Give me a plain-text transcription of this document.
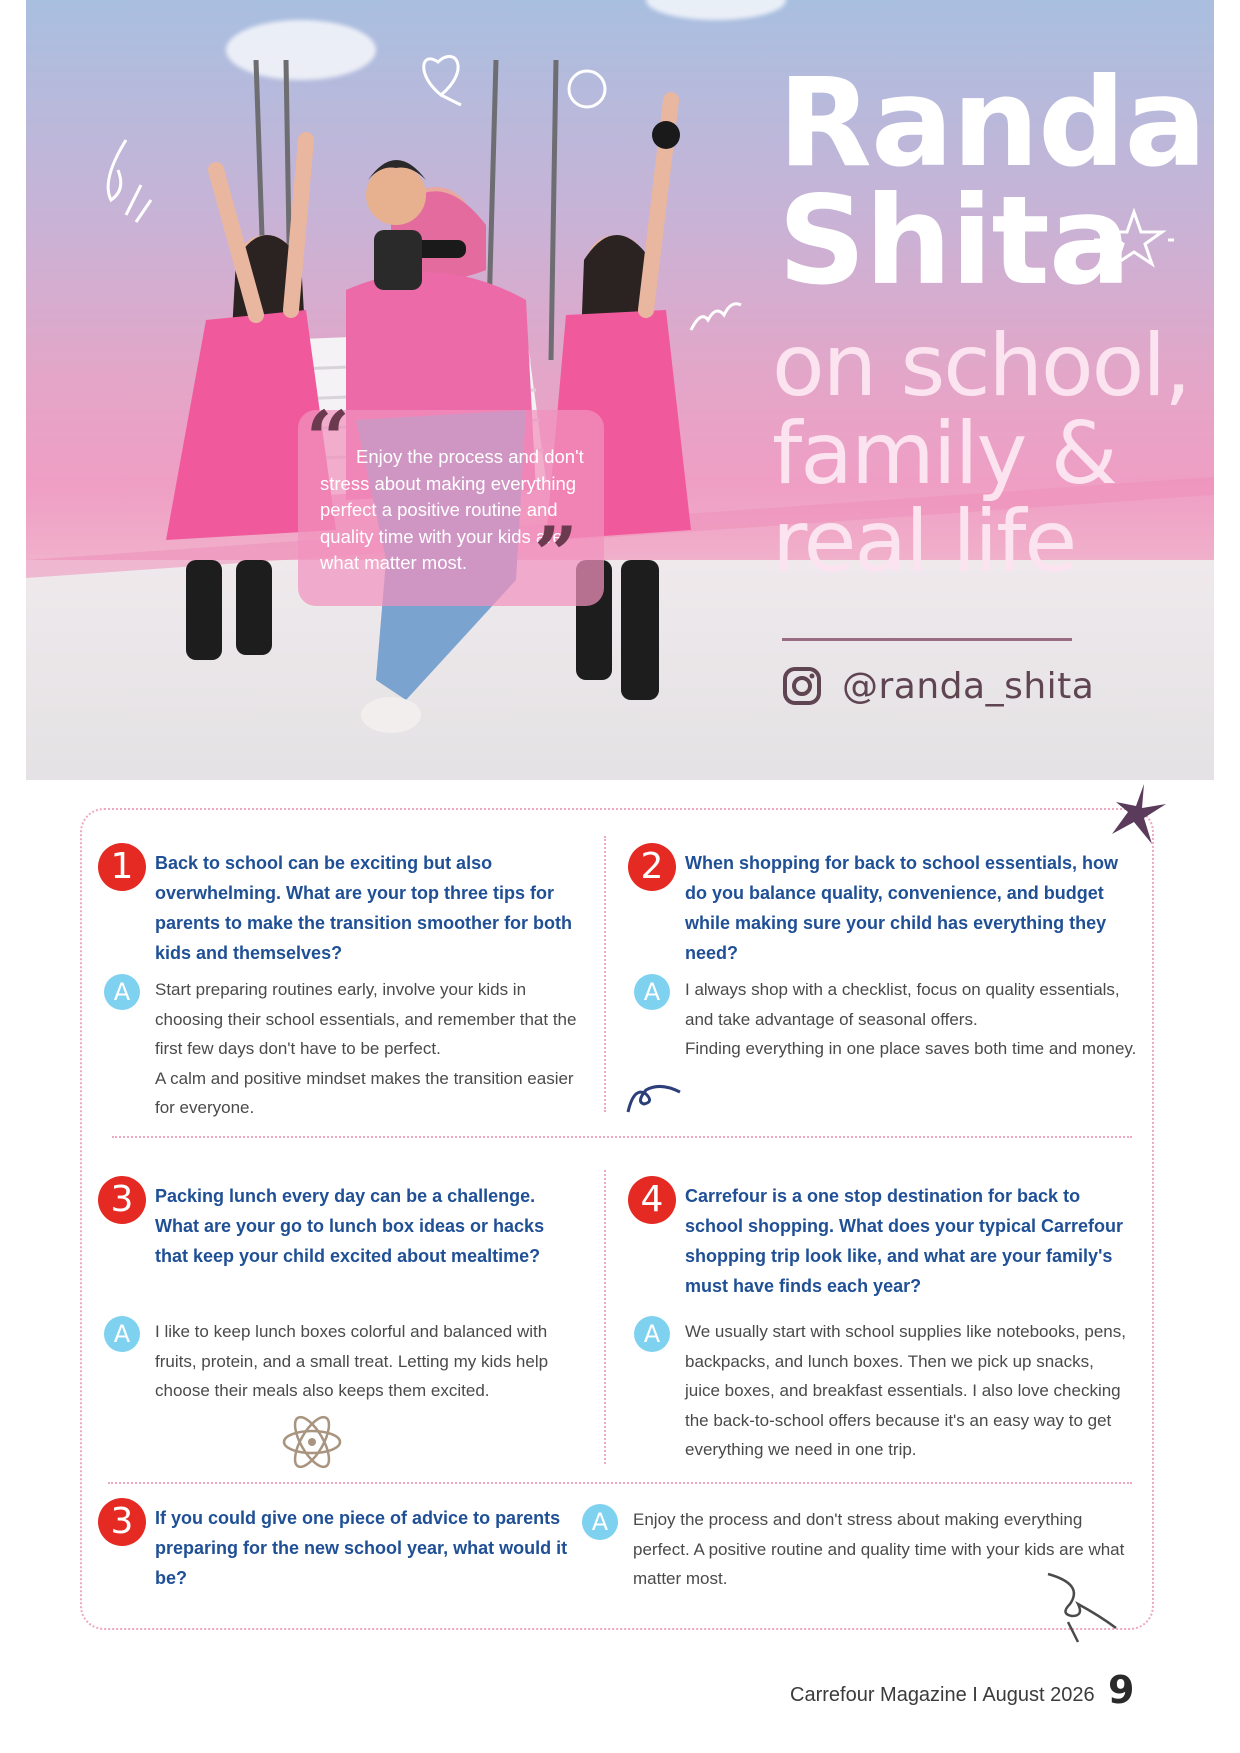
Randa
Shita
on school,
family &
real life
@randa_shita
“ Enjoy the process and don't
stress about making everything perfect a positive routine and quality time with your kids are what matter most. ”
1	Back to school can be exciting but also overwhelming. What are your top three tips for parents to make the transition smoother for both kids and themselves?
A	Start preparing routines early, involve your kids in choosing their school essentials, and remember that the first few days don't have to be perfect.
A calm and positive mindset makes the transition easier for everyone.
2	When shopping for back to school essentials, how do you balance quality, convenience, and budget while making sure your child has everything they need?
A	I always shop with a checklist, focus on quality essentials, and take advantage of seasonal offers.
Finding everything in one place saves both time and money.
3	Packing lunch every day can be a challenge. What are your go to lunch box ideas or hacks that keep your child excited about mealtime?
A	I like to keep lunch boxes colorful and balanced with fruits, protein, and a small treat. Letting my kids help choose their meals also keeps them excited.
4	Carrefour is a one stop destination for back to school shopping. What does your typical Carrefour shopping trip look like, and what are your family's must have finds each year?
A	We usually start with school supplies like notebooks, pens, backpacks, and lunch boxes. Then we pick up snacks, juice boxes, and breakfast essentials. I also love checking the back-to-school offers because it's an easy way to get everything we need in one trip.
3	If you could give one piece of advice to parents preparing for the new school year, what would it be?
A	Enjoy the process and don't stress about making everything perfect. A positive routine and quality time with your kids are what matter most.
Carrefour Magazine I August 2026 9
